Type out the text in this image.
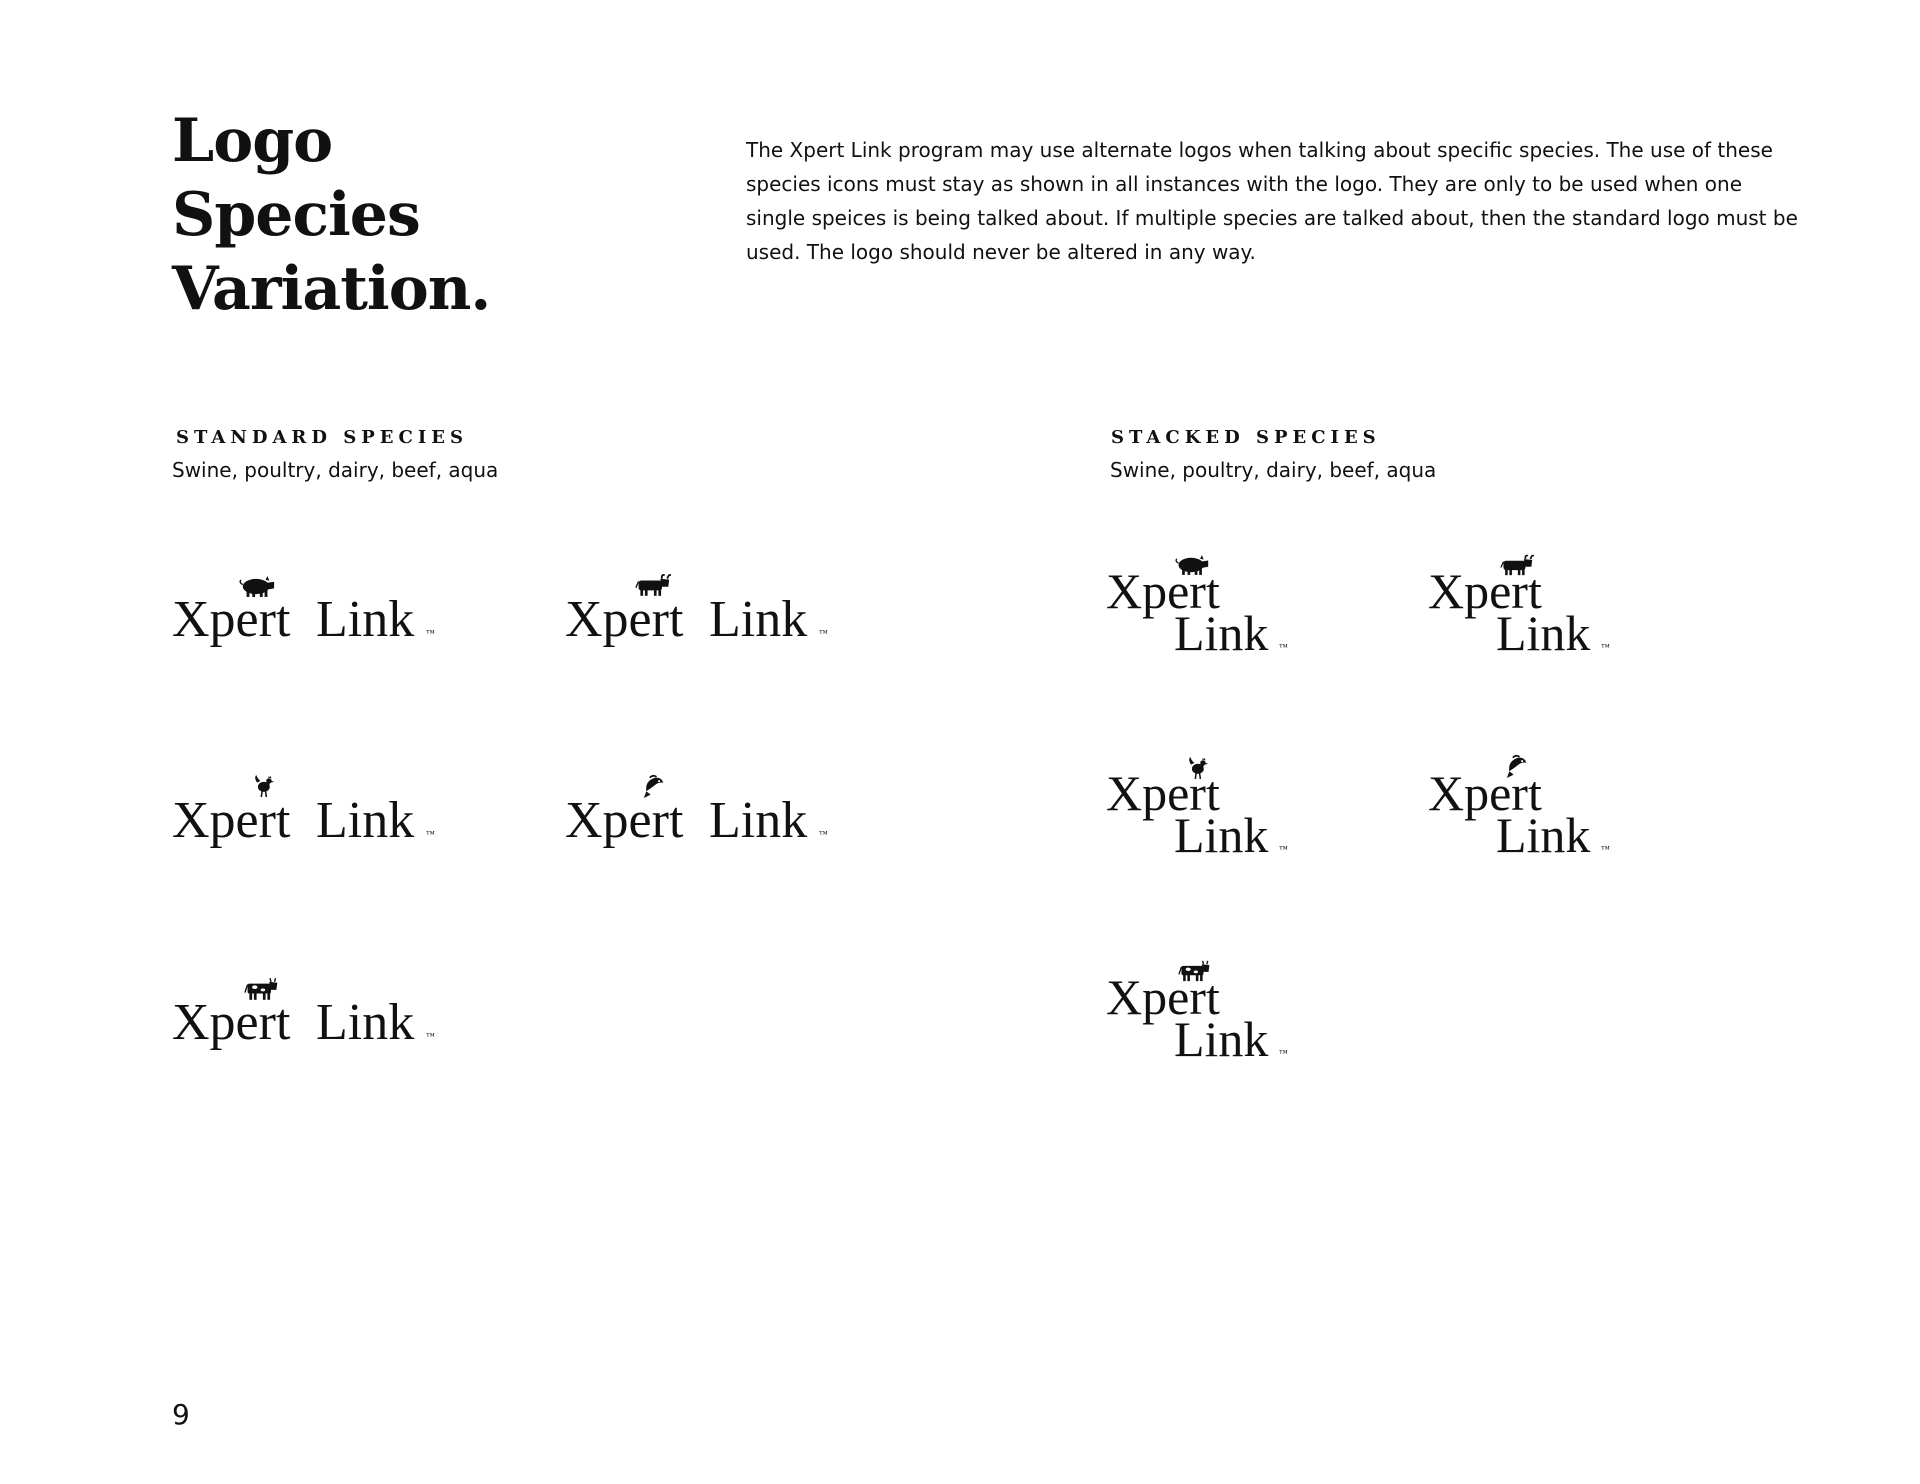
Logo
Species
Variation.

The Xpert Link program may use alternate logos when talking about specific species. The use of these species icons must stay as shown in all instances with the logo. They are only to be used when one single speices is being talked about. If multiple species are talked about, then the standard logo must be used. The logo should never be altered in any way.

STANDARD SPECIES

Swine, poultry, dairy, beef, aqua

Xpert Link ™	Xpert Link ™
Xpert Link ™	Xpert Link ™
Xpert Link ™

STACKED SPECIES

Swine, poultry, dairy, beef, aqua

Xpert
Link ™
Xpert
Link ™
Xpert
Link ™
Xpert
Link ™
Xpert
Link ™

9
